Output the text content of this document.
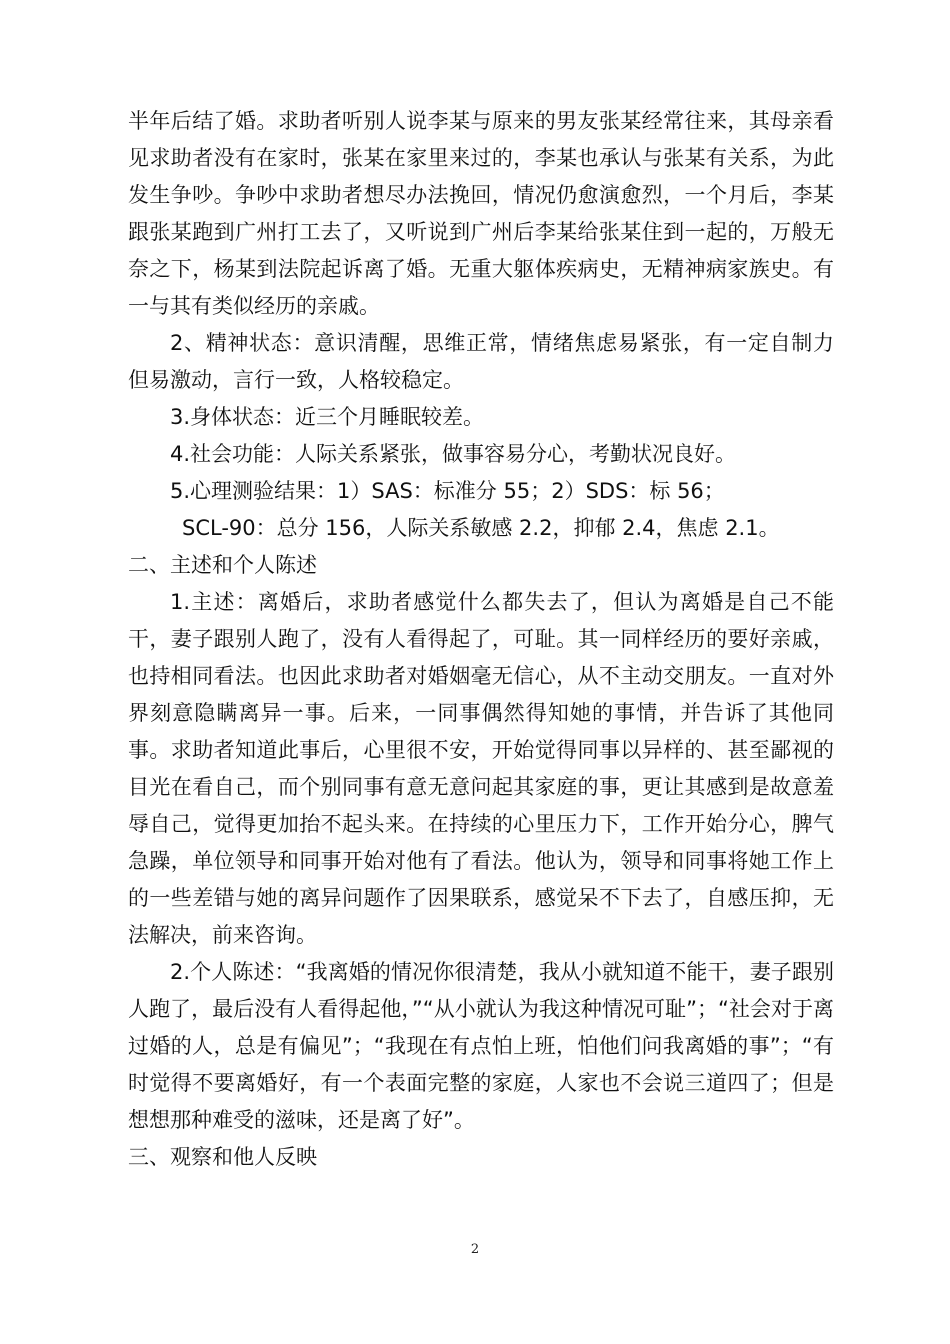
半年后结了婚。求助者听别人说李某与原来的男友张某经常往来，其母亲看见求助者没有在家时，张某在家里来过的，李某也承认与张某有关系，为此发生争吵。争吵中求助者想尽办法挽回，情况仍愈演愈烈，一个月后，李某跟张某跑到广州打工去了，又听说到广州后李某给张某住到一起的，万般无奈之下，杨某到法院起诉离了婚。无重大躯体疾病史，无精神病家族史。有一与其有类似经历的亲戚。

2、精神状态：意识清醒，思维正常，情绪焦虑易紧张，有一定自制力但易激动，言行一致，人格较稳定。

3.身体状态：近三个月睡眠较差。

4.社会功能：人际关系紧张，做事容易分心，考勤状况良好。

5.心理测验结果：1）SAS：标准分 55；2）SDS：标 56；

SCL-90：总分 156，人际关系敏感 2.2，抑郁 2.4，焦虑 2.1。

二、主述和个人陈述

1.主述：离婚后，求助者感觉什么都失去了，但认为离婚是自己不能干，妻子跟别人跑了，没有人看得起了，可耻。其一同样经历的要好亲戚，也持相同看法。也因此求助者对婚姻毫无信心，从不主动交朋友。一直对外界刻意隐瞒离异一事。后来，一同事偶然得知她的事情，并告诉了其他同事。求助者知道此事后，心里很不安，开始觉得同事以异样的、甚至鄙视的目光在看自己，而个别同事有意无意问起其家庭的事，更让其感到是故意羞辱自己，觉得更加抬不起头来。在持续的心里压力下，工作开始分心，脾气急躁，单位领导和同事开始对他有了看法。他认为，领导和同事将她工作上的一些差错与她的离异问题作了因果联系，感觉呆不下去了，自感压抑，无法解决，前来咨询。

2.个人陈述：“我离婚的情况你很清楚，我从小就知道不能干，妻子跟别人跑了，最后没有人看得起他，”“从小就认为我这种情况可耻”；“社会对于离过婚的人，总是有偏见”；“我现在有点怕上班，怕他们问我离婚的事”；“有时觉得不要离婚好，有一个表面完整的家庭，人家也不会说三道四了；但是想想那种难受的滋味，还是离了好”。

三、观察和他人反映

2
